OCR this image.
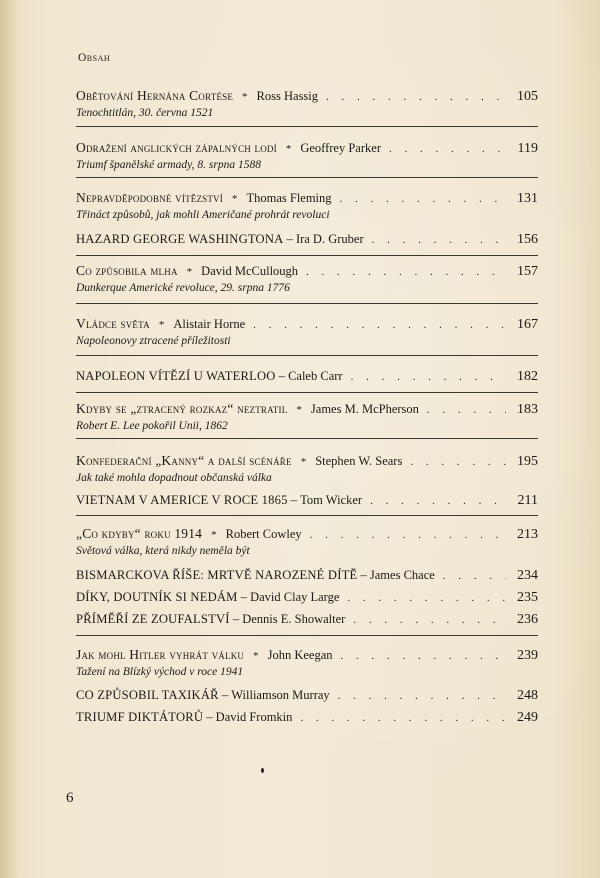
Obsah
Obětování Hernána Cortése * Ross Hassig . . .	105
Tenochtitlán, 30. června 1521
Odražení anglických zápalných lodí * Geoffrey Parker . . .	119
Triumf španělské armady, 8. srpna 1588
Nepravděpodobné vítězství * Thomas Fleming . . .	131
Třináct způsobů, jak mohli Američané prohrát revoluci
HAZARD GEORGE WASHINGTONA – Ira D. Gruber . . .	156
Co způsobila mlha * David McCullough . . .	157
Dunkerque Americké revoluce, 29. srpna 1776
Vládce světa * Alistair Horne . . .	167
Napoleonovy ztracené příležitosti
NAPOLEON VÍTĚZÍ U WATERLOO – Caleb Carr . . .	182
Kdyby se „ztracený rozkaz“ neztratil * James M. McPherson . . .	183
Robert E. Lee pokořil Unii, 1862
Konfederační „Kanny“ a další scénáře * Stephen W. Sears . . .	195
Jak také mohla dopadnout občanská válka
VIETNAM V AMERICE V ROCE 1865 – Tom Wicker . . .	211
„Co kdyby“ roku 1914 * Robert Cowley . . .	213
Světová válka, která nikdy neměla být
BISMARCKOVA ŘÍŠE: MRTVĚ NAROZENÉ DÍTĚ – James Chace . . .	234
DÍKY, DOUTNÍK SI NEDÁM – David Clay Large . . .	235
PŘÍMĚŘÍ ZE ZOUFALSTVÍ – Dennis E. Showalter . . .	236
Jak mohl Hitler vyhrát válku * John Keegan . . .	239
Tažení na Blízký východ v roce 1941
CO ZPŮSOBIL TAXIKÁŘ – Williamson Murray . . .	248
TRIUMF DIKTÁTORŮ – David Fromkin . . .	249
6
